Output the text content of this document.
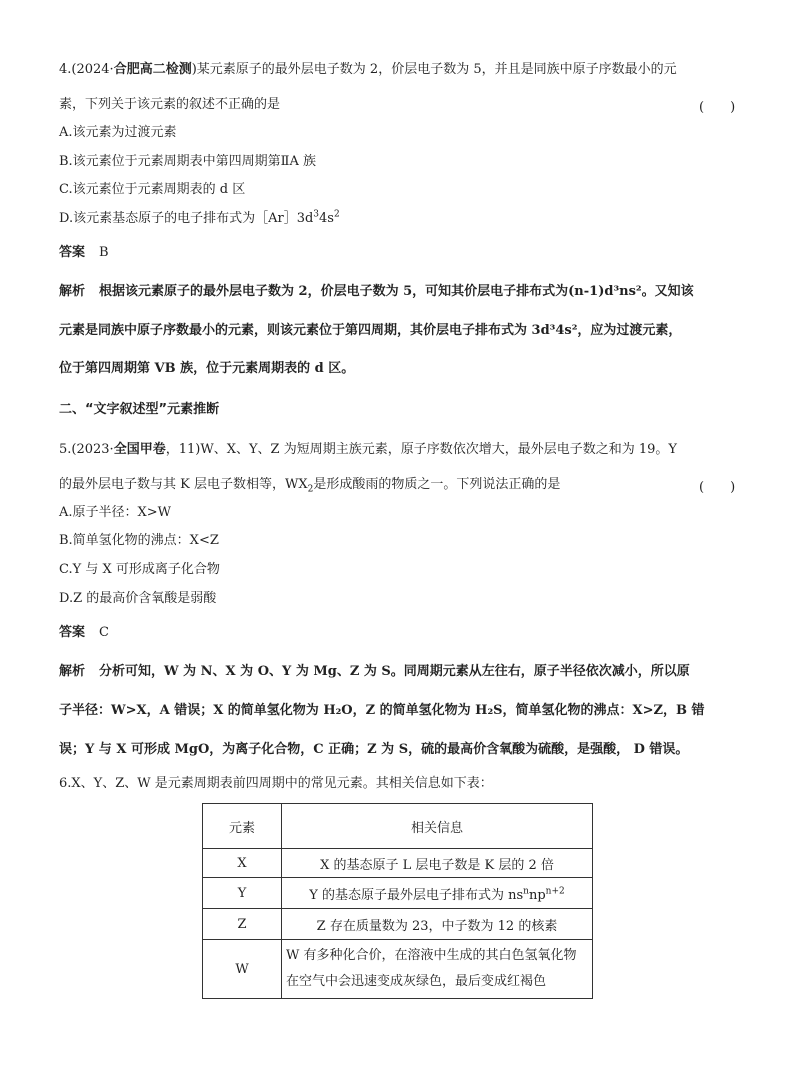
4.(2024·合肥高二检测)某元素原子的最外层电子数为 2，价层电子数为 5，并且是同族中原子序数最小的元
素，下列关于该元素的叙述不正确的是	(　　)
A.该元素为过渡元素
B.该元素位于元素周期表中第四周期第ⅡA 族
C.该元素位于元素周期表的 d 区
D.该元素基态原子的电子排布式为$[Ar]3d^34s^2$
答案 B
解析 根据该元素原子的最外层电子数为 2，价层电子数为 5，可知其价层电子排布式为(n-1)d³ns²。又知该
元素是同族中原子序数最小的元素，则该元素位于第四周期，其价层电子排布式为 3d³4s²，应为过渡元素，
位于第四周期第 ⅤB 族，位于元素周期表的 d 区。
二、“文字叙述型”元素推断
5.(2023·全国甲卷，11)W、X、Y、Z 为短周期主族元素，原子序数依次增大，最外层电子数之和为 19。Y
的最外层电子数与其 K 层电子数相等，$WX_2$是形成酸雨的物质之一。下列说法正确的是	(　　)
A.原子半径：X>W
B.简单氢化物的沸点：X<Z
C.Y 与 X 可形成离子化合物
D.Z 的最高价含氧酸是弱酸
答案 C
解析 分析可知，W 为 N、X 为 O、Y 为 Mg、Z 为 S。同周期元素从左往右，原子半径依次减小，所以原
子半径：W>X，A 错误；X 的简单氢化物为 H₂O，Z 的简单氢化物为 H₂S，简单氢化物的沸点：X>Z，B 错
误；Y 与 X 可形成 MgO，为离子化合物，C 正确；Z 为 S，硫的最高价含氧酸为硫酸，是强酸， D 错误。
6.X、Y、Z、W 是元素周期表前四周期中的常见元素。其相关信息如下表：
元素	相关信息
X	X 的基态原子 L 层电子数是 K 层的 2 倍
Y	Y 的基态原子最外层电子排布式为 $ns^nnp^{n+2}$
Z	Z 存在质量数为 23，中子数为 12 的核素
W	W 有多种化合价，在溶液中生成的其白色氢氧化物在空气中会迅速变成灰绿色，最后变成红褐色
